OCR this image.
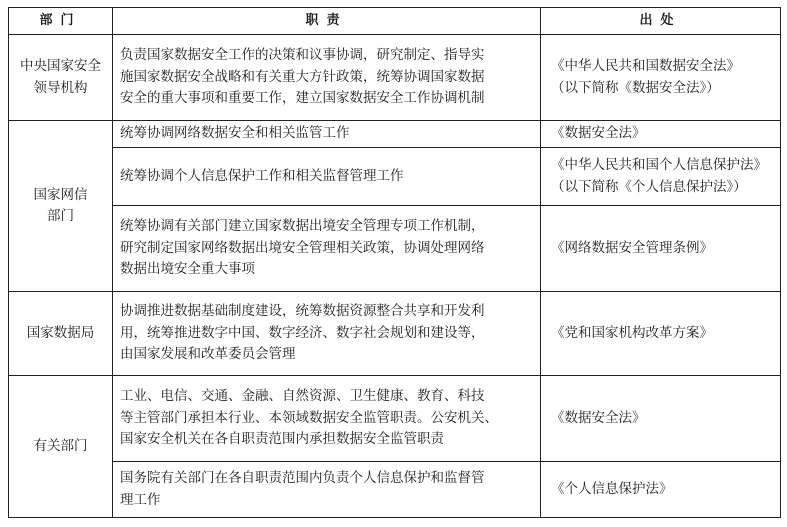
部门	职责	出处

中央国家安全
领导机构	负责国家数据安全工作的决策和议事协调，研究制定、指导实
施国家数据安全战略和有关重大方针政策，统筹协调国家数据
安全的重大事项和重要工作，建立国家数据安全工作协调机制	《中华人民共和国数据安全法》
（以下简称《数据安全法》）

国家网信
部门	统筹协调网络数据安全和相关监管工作	《数据安全法》

	统筹协调个人信息保护工作和相关监督管理工作	《中华人民共和国个人信息保护法》
（以下简称《个人信息保护法》）

	统筹协调有关部门建立国家数据出境安全管理专项工作机制，
研究制定国家网络数据出境安全管理相关政策，协调处理网络
数据出境安全重大事项	《网络数据安全管理条例》

国家数据局	协调推进数据基础制度建设，统筹数据资源整合共享和开发利
用，统筹推进数字中国、数字经济、数字社会规划和建设等，
由国家发展和改革委员会管理	《党和国家机构改革方案》

有关部门	工业、电信、交通、金融、自然资源、卫生健康、教育、科技
等主管部门承担本行业、本领域数据安全监管职责。公安机关、
国家安全机关在各自职责范围内承担数据安全监管职责	《数据安全法》

	国务院有关部门在各自职责范围内负责个人信息保护和监督管
理工作	《个人信息保护法》
